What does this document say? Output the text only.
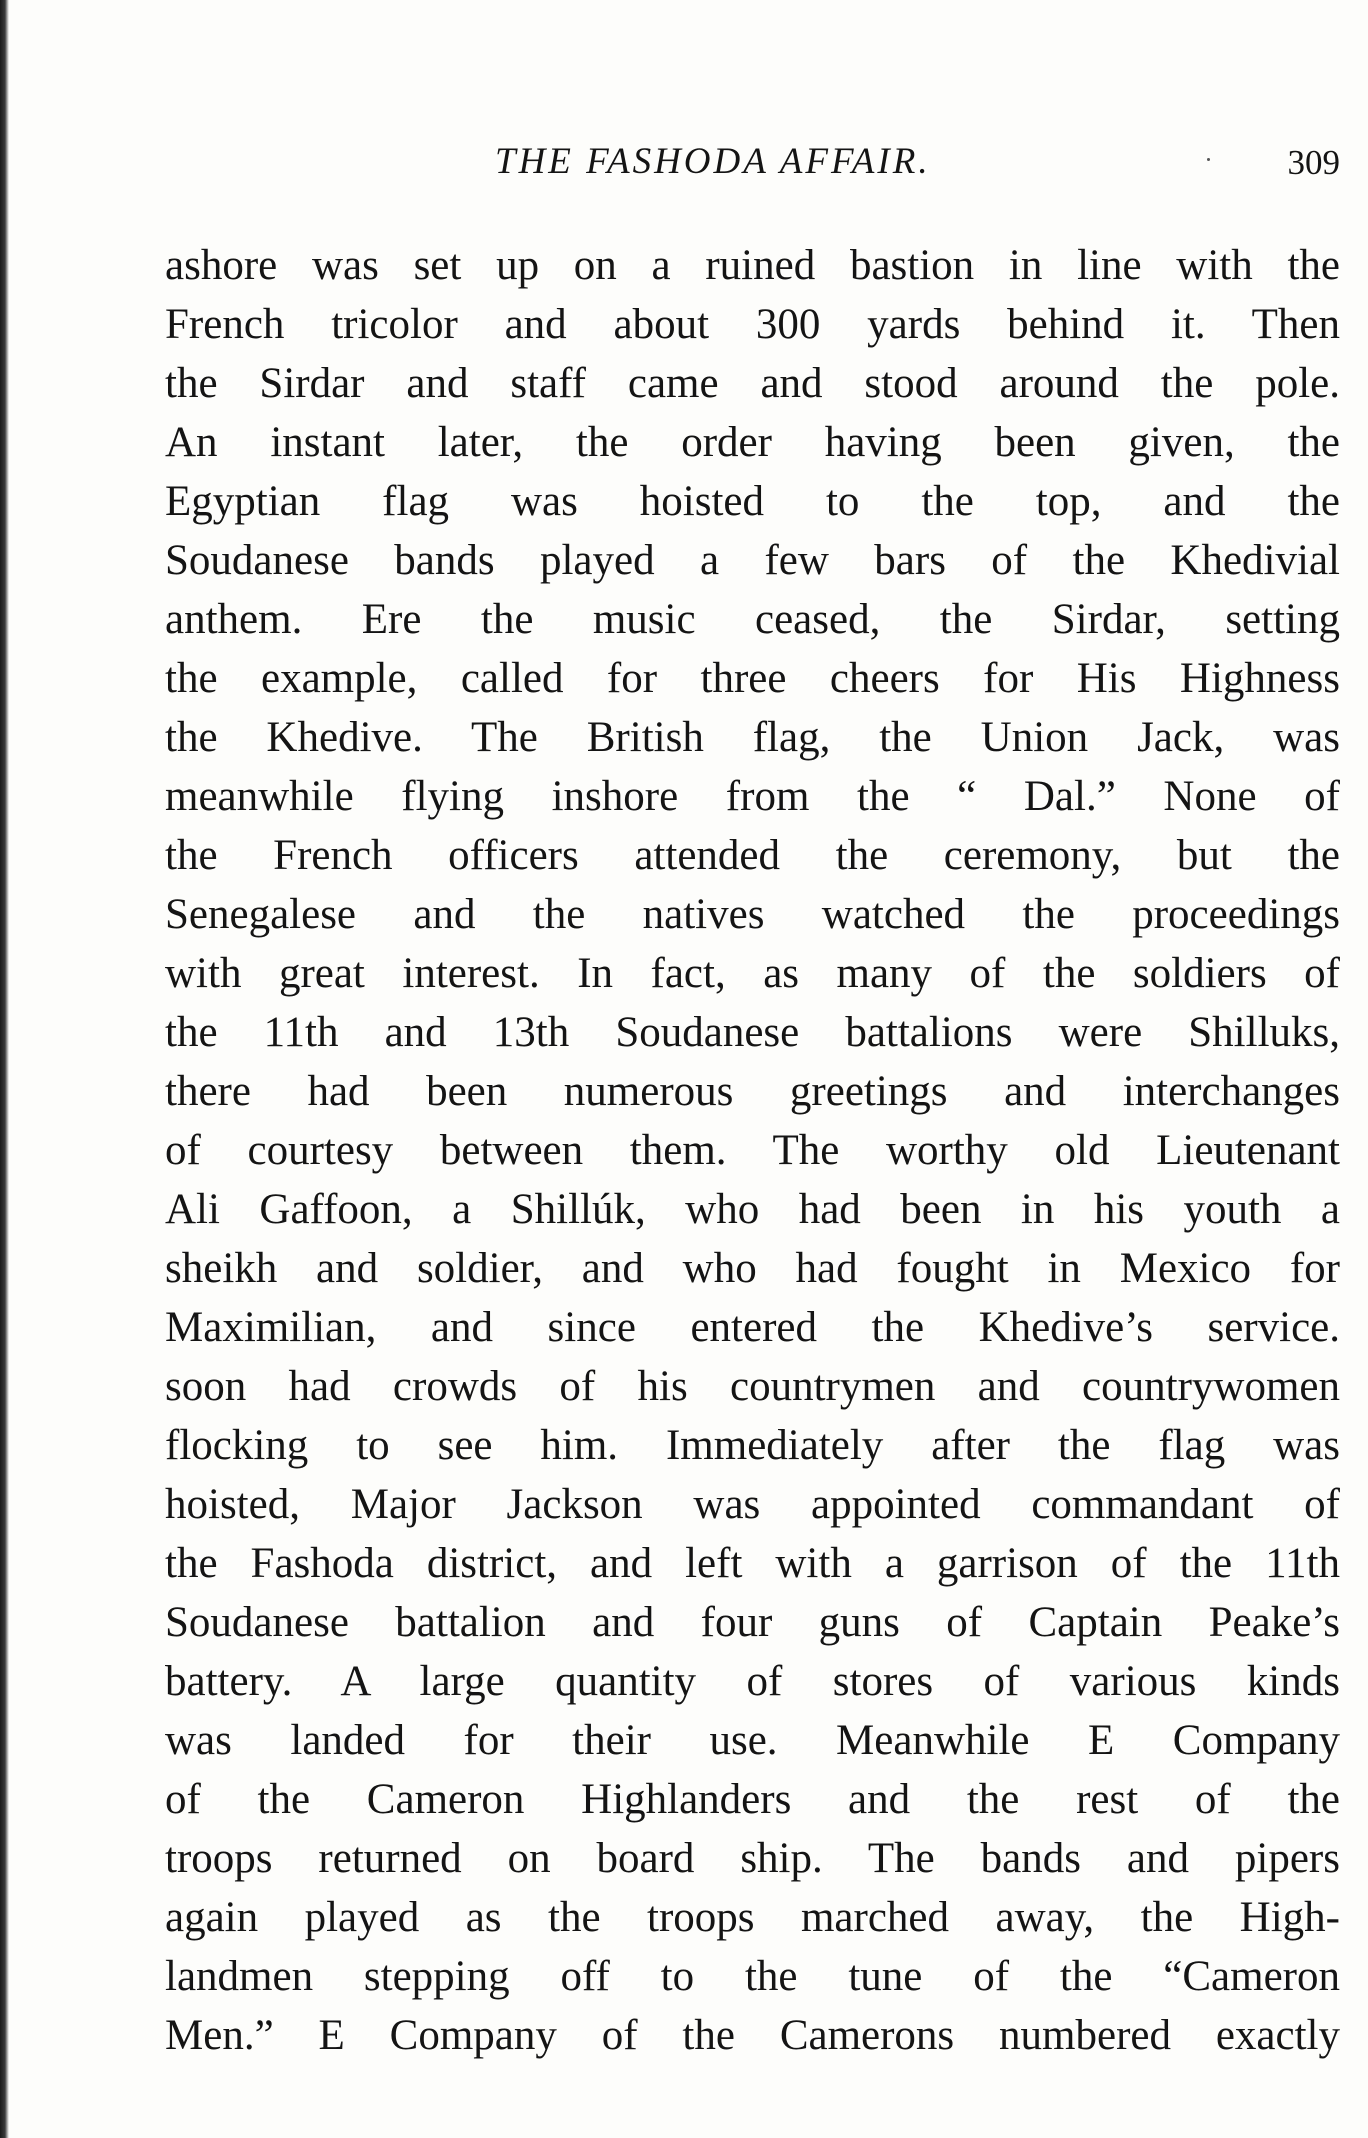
THE FASHODA AFFAIR.	309
ashore was set up on a ruined bastion in line with the
French tricolor and about 300 yards behind it. Then
the Sirdar and staff came and stood around the pole.
An instant later, the order having been given, the
Egyptian flag was hoisted to the top, and the
Soudanese bands played a few bars of the Khedivial
anthem. Ere the music ceased, the Sirdar, setting
the example, called for three cheers for His Highness
the Khedive. The British flag, the Union Jack, was
meanwhile flying inshore from the “ Dal.” None of
the French officers attended the ceremony, but the
Senegalese and the natives watched the proceedings
with great interest. In fact, as many of the soldiers of
the 11th and 13th Soudanese battalions were Shilluks,
there had been numerous greetings and interchanges
of courtesy between them. The worthy old Lieutenant
Ali Gaffoon, a Shillúk, who had been in his youth a
sheikh and soldier, and who had fought in Mexico for
Maximilian, and since entered the Khedive’s service.
soon had crowds of his countrymen and countrywomen
flocking to see him. Immediately after the flag was
hoisted, Major Jackson was appointed commandant of
the Fashoda district, and left with a garrison of the 11th
Soudanese battalion and four guns of Captain Peake’s
battery. A large quantity of stores of various kinds
was landed for their use. Meanwhile E Company
of the Cameron Highlanders and the rest of the
troops returned on board ship. The bands and pipers
again played as the troops marched away, the High-
landmen stepping off to the tune of the “Cameron
Men.” E Company of the Camerons numbered exactly
